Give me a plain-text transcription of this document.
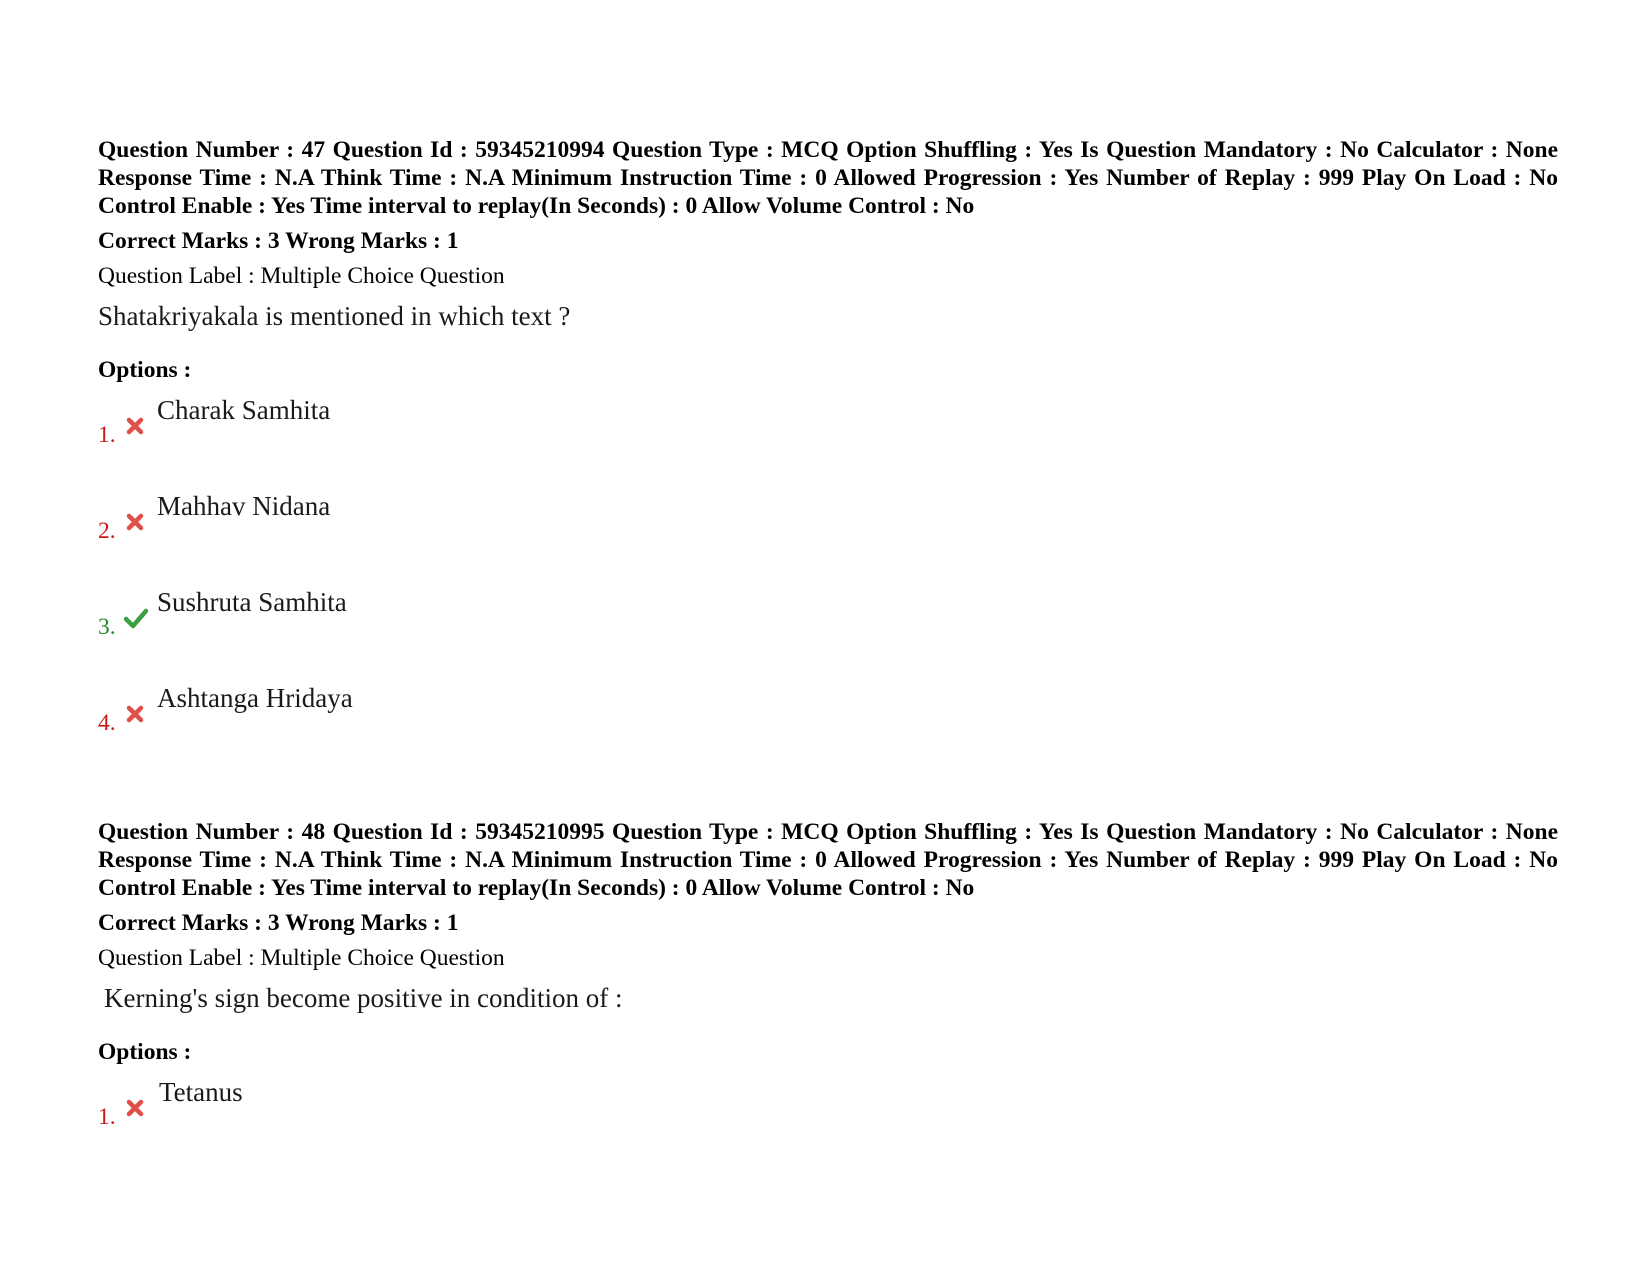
Question Number : 47 Question Id : 59345210994 Question Type : MCQ Option Shuffling : Yes Is Question Mandatory : No Calculator : None Response Time : N.A Think Time : N.A Minimum Instruction Time : 0 Allowed Progression : Yes Number of Replay : 999 Play On Load : No Control Enable : Yes Time interval to replay(In Seconds) : 0 Allow Volume Control : No

Correct Marks : 3 Wrong Marks : 1

Question Label : Multiple Choice Question

Shatakriyakala is mentioned in which text ?

Options :

1.
Charak Samhita
2.
Mahhav Nidana
3.
Sushruta Samhita
4.
Ashtanga Hridaya

Question Number : 48 Question Id : 59345210995 Question Type : MCQ Option Shuffling : Yes Is Question Mandatory : No Calculator : None Response Time : N.A Think Time : N.A Minimum Instruction Time : 0 Allowed Progression : Yes Number of Replay : 999 Play On Load : No Control Enable : Yes Time interval to replay(In Seconds) : 0 Allow Volume Control : No

Correct Marks : 3 Wrong Marks : 1

Question Label : Multiple Choice Question

Kerning's sign become positive in condition of :

Options :

1.
Tetanus
